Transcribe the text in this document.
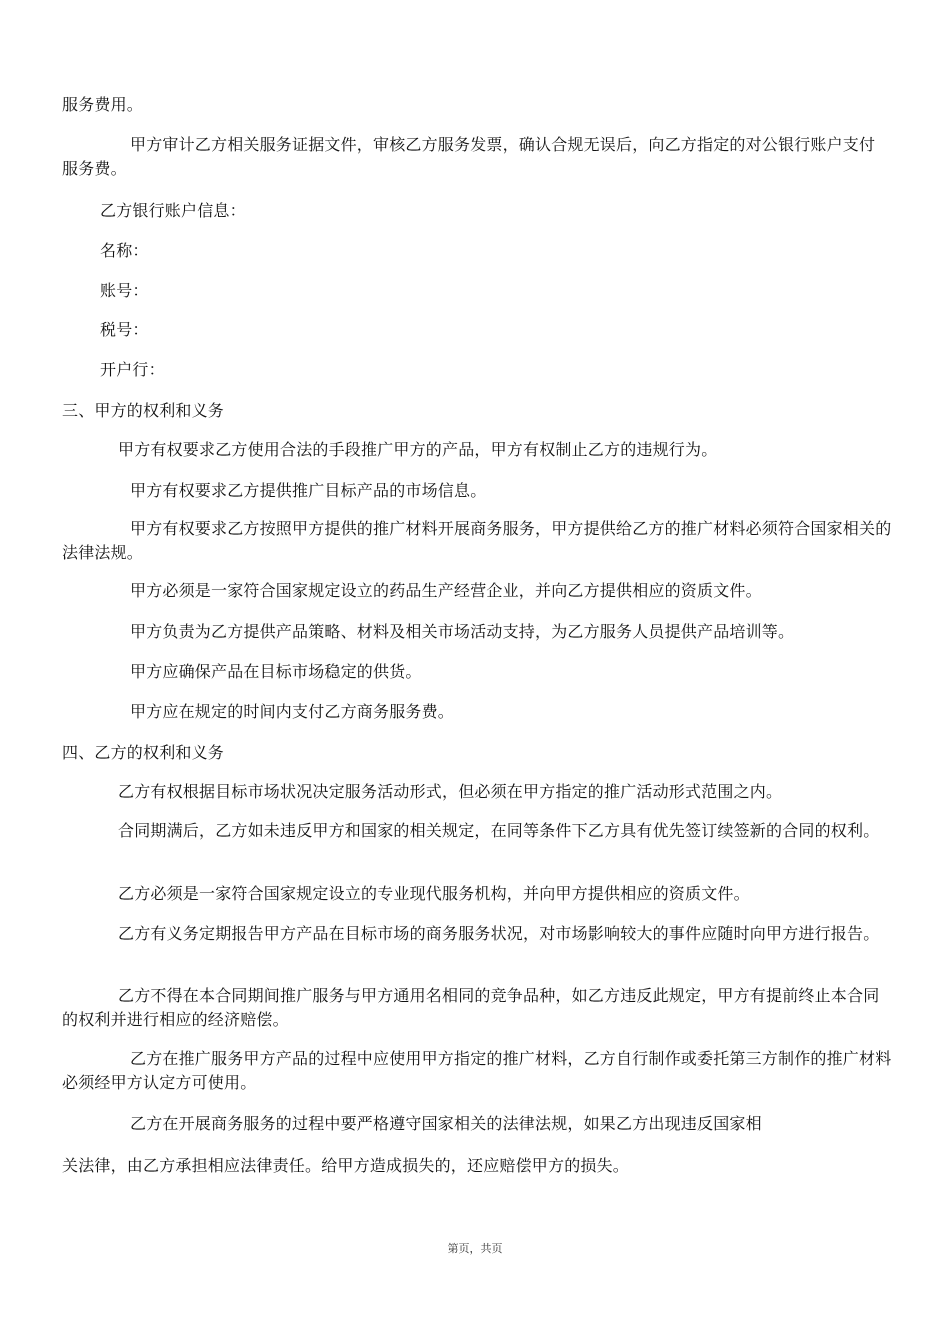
服务费用。

甲方审计乙方相关服务证据文件，审核乙方服务发票，确认合规无误后，向乙方指定的对公银行账户支付服务费。

乙方银行账户信息：

名称：

账号：

税号：

开户行：

三、甲方的权利和义务

甲方有权要求乙方使用合法的手段推广甲方的产品，甲方有权制止乙方的违规行为。

甲方有权要求乙方提供推广目标产品的市场信息。

甲方有权要求乙方按照甲方提供的推广材料开展商务服务，甲方提供给乙方的推广材料必须符合国家相关的法律法规。

甲方必须是一家符合国家规定设立的药品生产经营企业，并向乙方提供相应的资质文件。

甲方负责为乙方提供产品策略、材料及相关市场活动支持，为乙方服务人员提供产品培训等。

甲方应确保产品在目标市场稳定的供货。

甲方应在规定的时间内支付乙方商务服务费。

四、乙方的权利和义务

乙方有权根据目标市场状况决定服务活动形式，但必须在甲方指定的推广活动形式范围之内。

合同期满后，乙方如未违反甲方和国家的相关规定，在同等条件下乙方具有优先签订续签新的合同的权利。

乙方必须是一家符合国家规定设立的专业现代服务机构，并向甲方提供相应的资质文件。

乙方有义务定期报告甲方产品在目标市场的商务服务状况，对市场影响较大的事件应随时向甲方进行报告。

乙方不得在本合同期间推广服务与甲方通用名相同的竞争品种，如乙方违反此规定，甲方有提前终止本合同的权利并进行相应的经济赔偿。

乙方在推广服务甲方产品的过程中应使用甲方指定的推广材料，乙方自行制作或委托第三方制作的推广材料必须经甲方认定方可使用。

乙方在开展商务服务的过程中要严格遵守国家相关的法律法规，如果乙方出现违反国家相

关法律，由乙方承担相应法律责任。给甲方造成损失的，还应赔偿甲方的损失。

第页，共页
